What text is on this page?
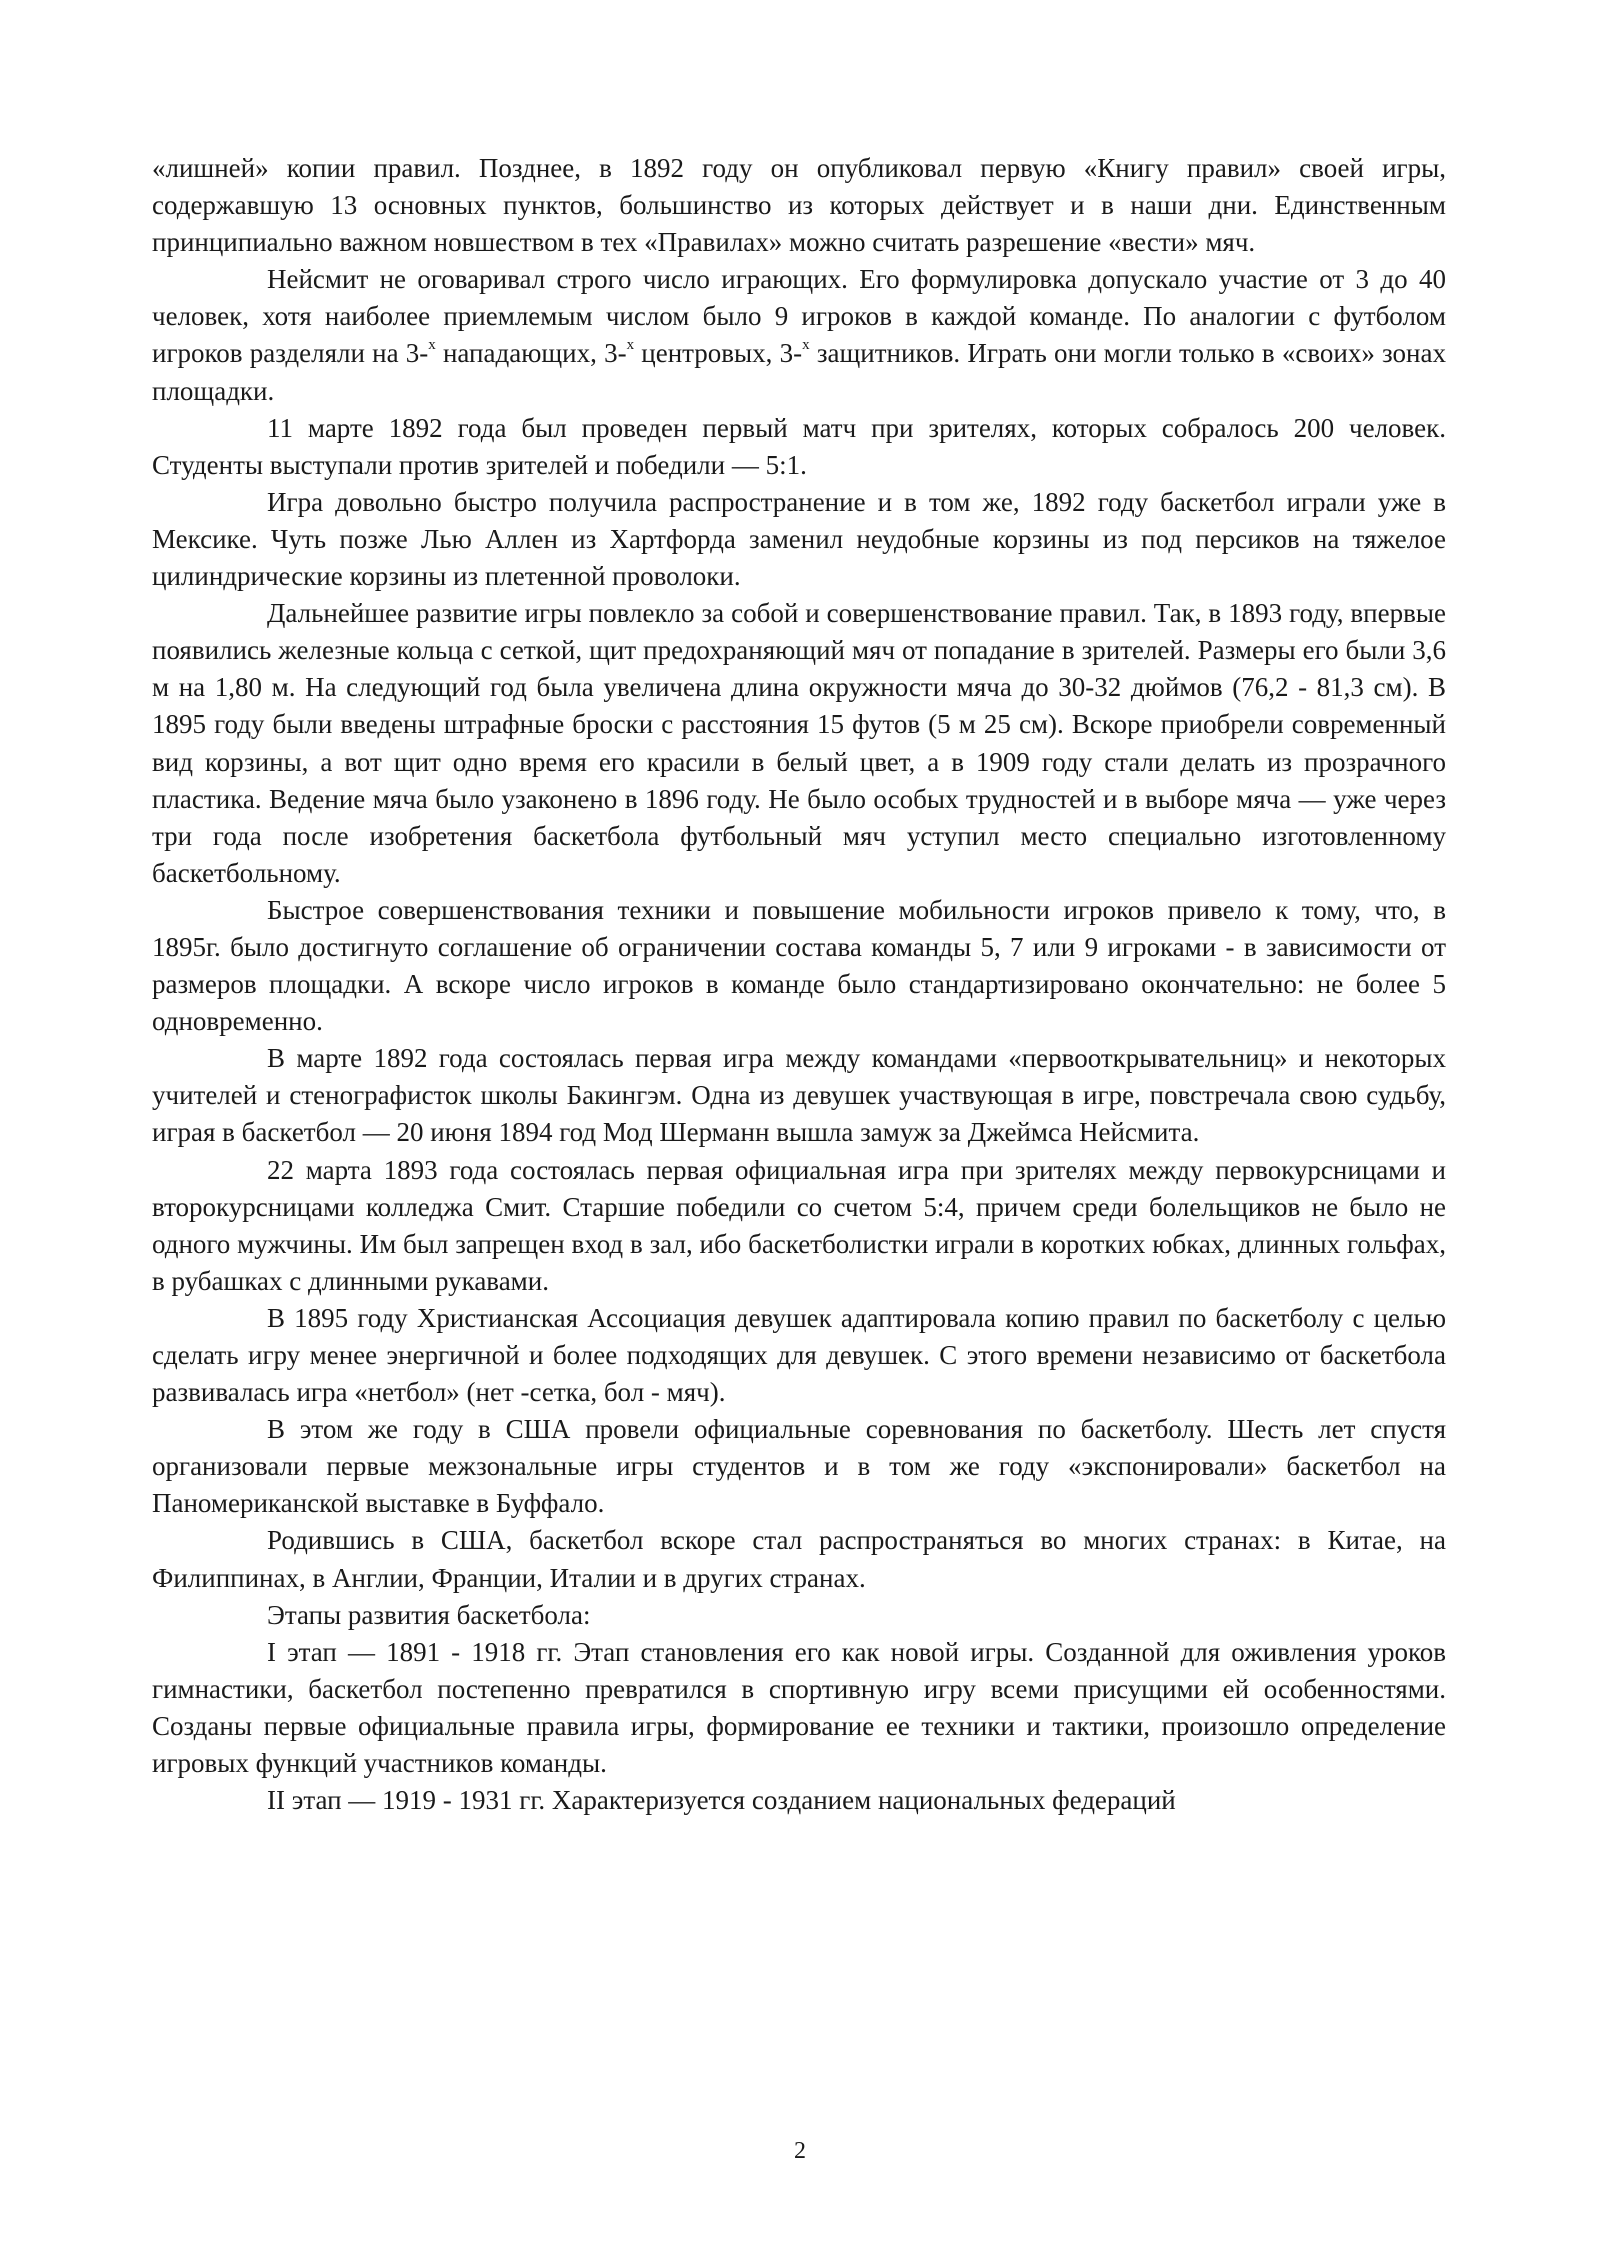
«лишней» копии правил. Позднее, в 1892 году он опубликовал первую «Книгу правил» своей игры, содержавшую 13 основных пунктов, большинство из которых действует и в наши дни. Единственным принципиально важном новшеством в тех «Правилах» можно считать разрешение «вести» мяч.

Нейсмит не оговаривал строго число играющих. Его формулировка допускало участие от 3 до 40 человек, хотя наиболее приемлемым числом было 9 игроков в каждой команде. По аналогии с футболом игроков разделяли на 3-$^х$ нападающих, 3-$^х$ центровых, 3-$^х$ защитников. Играть они могли только в «своих» зонах площадки.

11 марте 1892 года был проведен первый матч при зрителях, которых собралось 200 человек. Студенты выступали против зрителей и победили — 5:1.

Игра довольно быстро получила распространение и в том же, 1892 году баскетбол играли уже в Мексике. Чуть позже Лью Аллен из Хартфорда заменил неудобные корзины из под персиков на тяжелое цилиндрические корзины из плетенной проволоки.

Дальнейшее развитие игры повлекло за собой и совершенствование правил. Так, в 1893 году, впервые появились железные кольца с сеткой, щит предохраняющий мяч от попадание в зрителей. Размеры его были 3,6 м на 1,80 м. На следующий год была увеличена длина окружности мяча до 30-32 дюймов (76,2 - 81,3 см). В 1895 году были введены штрафные броски с расстояния 15 футов (5 м 25 см). Вскоре приобрели современный вид корзины, а вот щит одно время его красили в белый цвет, а в 1909 году стали делать из прозрачного пластика. Ведение мяча было узаконено в 1896 году. Не было особых трудностей и в выборе мяча — уже через три года после изобретения баскетбола футбольный мяч уступил место специально изготовленному баскетбольному.

Быстрое совершенствования техники и повышение мобильности игроков привело к тому, что, в 1895г. было достигнуто соглашение об ограничении состава команды 5, 7 или 9 игроками - в зависимости от размеров площадки. А вскоре число игроков в команде было стандартизировано окончательно: не более 5 одновременно.

В марте 1892 года состоялась первая игра между командами «первооткрывательниц» и некоторых учителей и стенографисток школы Бакингэм. Одна из девушек участвующая в игре, повстречала свою судьбу, играя в баскетбол — 20 июня 1894 год Мод Шерманн вышла замуж за Джеймса Нейсмита.

22 марта 1893 года состоялась первая официальная игра при зрителях между первокурсницами и второкурсницами колледжа Смит. Старшие победили со счетом 5:4, причем среди болельщиков не было не одного мужчины. Им был запрещен вход в зал, ибо баскетболистки играли в коротких юбках, длинных гольфах, в рубашках с длинными рукавами.

В 1895 году Христианская Ассоциация девушек адаптировала копию правил по баскетболу с целью сделать игру менее энергичной и более подходящих для девушек. С этого времени независимо от баскетбола развивалась игра «нетбол» (нет -сетка, бол - мяч).

В этом же году в США провели официальные соревнования по баскетболу. Шесть лет спустя организовали первые межзональные игры студентов и в том же году «экспонировали» баскетбол на Паномериканской выставке в Буффало.

Родившись в США, баскетбол вскоре стал распространяться во многих странах: в Китае, на Филиппинах, в Англии, Франции, Италии и в других странах.

Этапы развития баскетбола:

I этап — 1891 - 1918 гг. Этап становления его как новой игры. Созданной для оживления уроков гимнастики, баскетбол постепенно превратился в спортивную игру всеми присущими ей особенностями. Созданы первые официальные правила игры, формирование ее техники и тактики, произошло определение игровых функций участников команды.

II этап — 1919 - 1931 гг. Характеризуется созданием национальных федераций

2
